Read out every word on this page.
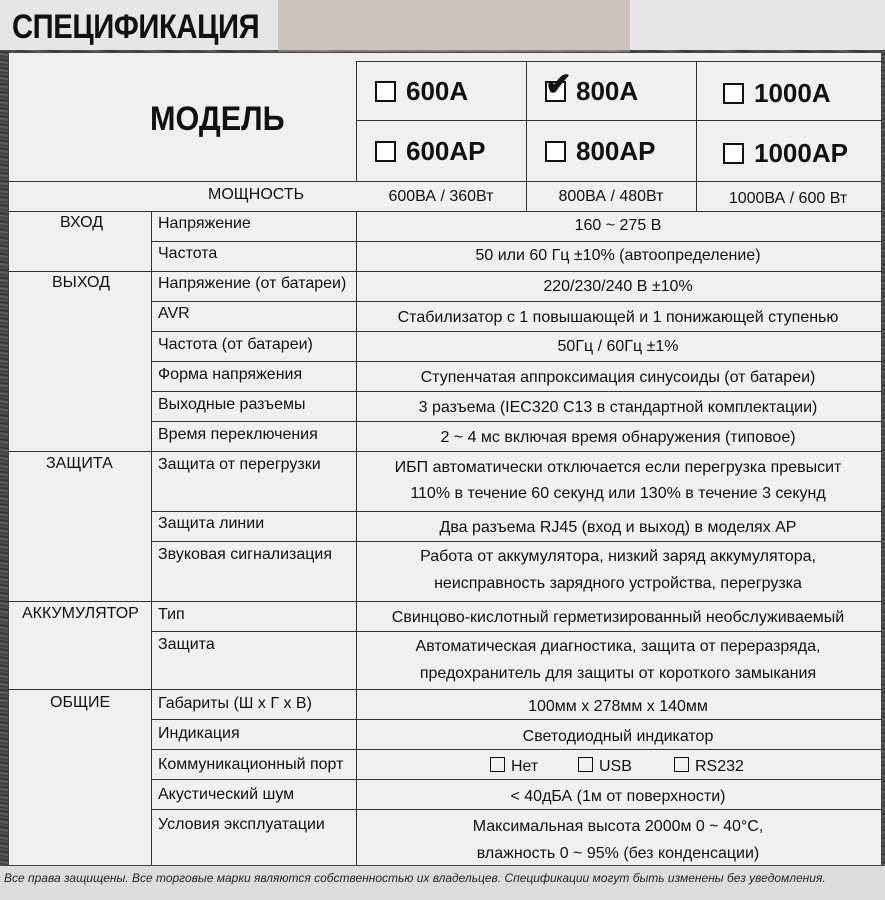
СПЕЦИФИКАЦИЯ
МОДЕЛЬ
600A
✔	800A	1000A
600AP	800AP	1000AP
МОЩНОСТЬ	600ВА / 360Вт	800ВА / 480Вт	1000ВА / 600 Вт
ВХОД
ВЫХОД
ЗАЩИТА
АККУМУЛЯТОР
ОБЩИЕ
Напряжение	160 ~ 275 В
Частота	50 или 60 Гц ±10% (автоопределение)
Напряжение (от батареи)	220/230/240 В ±10%
AVR	Стабилизатор с 1 повышающей и 1 понижающей ступенью
Частота (от батареи)	50Гц / 60Гц ±1%
Форма напряжения	Ступенчатая аппроксимация синусоиды (от батареи)
Выходные разъемы	3 разъема (IEC320 C13 в стандартной комплектации)
Время переключения	2 ~ 4 мс включая время обнаружения (типовое)
Защита от перегрузки	ИБП автоматически отключается если перегрузка превысит
110% в течение 60 секунд или 130% в течение 3 секунд
Защита линии	Два разъема RJ45 (вход и выход) в моделях AP
Звуковая сигнализация	Работа от аккумулятора, низкий заряд аккумулятора,
неисправность зарядного устройства, перегрузка
Тип	Свинцово-кислотный герметизированный необслуживаемый
Защита	Автоматическая диагностика, защита от переразряда,
предохранитель для защиты от короткого замыкания
Габариты (Ш х Г х В)	100мм х 278мм х 140мм
Индикация	Светодиодный индикатор
Коммуникационный порт	Нет	USB	RS232
Акустический шум	< 40дБА (1м от поверхности)
Условия эксплуатации	Максимальная высота 2000м 0 ~ 40°С,
влажность 0 ~ 95% (без конденсации)
Все права защищены. Все торговые марки являются собственностью их владельцев. Спецификации могут быть изменены без уведомления.
